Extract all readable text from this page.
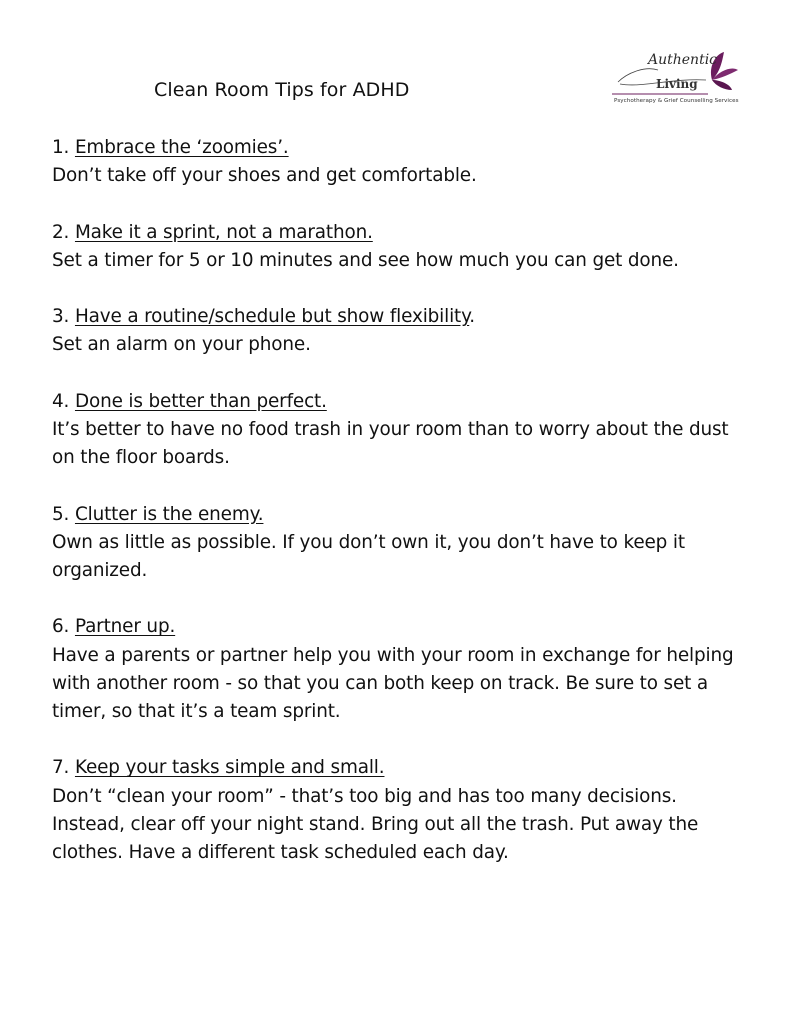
Clean Room Tips for ADHD
Authentic
Living
Psychotherapy & Grief Counselling Services
1. Embrace the ‘zoomies’.
Don’t take off your shoes and get comfortable.
2. Make it a sprint, not a marathon.
Set a timer for 5 or 10 minutes and see how much you can get done.
3. Have a routine/schedule but show flexibility.
Set an alarm on your phone.
4. Done is better than perfect.
It’s better to have no food trash in your room than to worry about the dust on the floor boards.
5. Clutter is the enemy.
Own as little as possible. If you don’t own it, you don’t have to keep it organized.
6. Partner up.
Have a parents or partner help you with your room in exchange for helping with another room - so that you can both keep on track. Be sure to set a timer, so that it’s a team sprint.
7. Keep your tasks simple and small.
Don’t “clean your room” - that’s too big and has too many decisions. Instead, clear off your night stand. Bring out all the trash. Put away the clothes. Have a different task scheduled each day.
